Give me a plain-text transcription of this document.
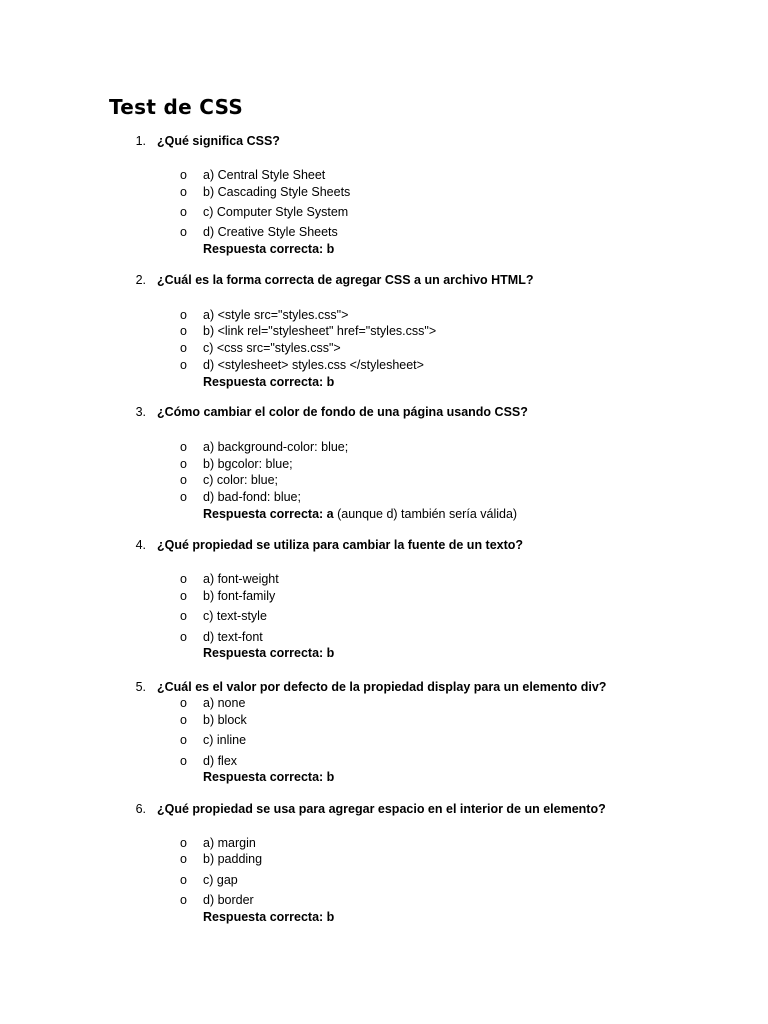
Test de CSS
1. ¿Qué significa CSS?
o a) Central Style Sheet
o b) Cascading Style Sheets
o c) Computer Style System
o d) Creative Style Sheets
Respuesta correcta: b
2. ¿Cuál es la forma correcta de agregar CSS a un archivo HTML?
o a) <style src="styles.css">
o b) <link rel="stylesheet" href="styles.css">
o c) <css src="styles.css">
o d) <stylesheet> styles.css </stylesheet>
Respuesta correcta: b
3. ¿Cómo cambiar el color de fondo de una página usando CSS?
o a) background-color: blue;
o b) bgcolor: blue;
o c) color: blue;
o d) bad-fond: blue;
Respuesta correcta: a (aunque d) también sería válida)
4. ¿Qué propiedad se utiliza para cambiar la fuente de un texto?
o a) font-weight
o b) font-family
o c) text-style
o d) text-font
Respuesta correcta: b
5. ¿Cuál es el valor por defecto de la propiedad display para un elemento div?
o a) none
o b) block
o c) inline
o d) flex
Respuesta correcta: b
6. ¿Qué propiedad se usa para agregar espacio en el interior de un elemento?
o a) margin
o b) padding
o c) gap
o d) border
Respuesta correcta: b
